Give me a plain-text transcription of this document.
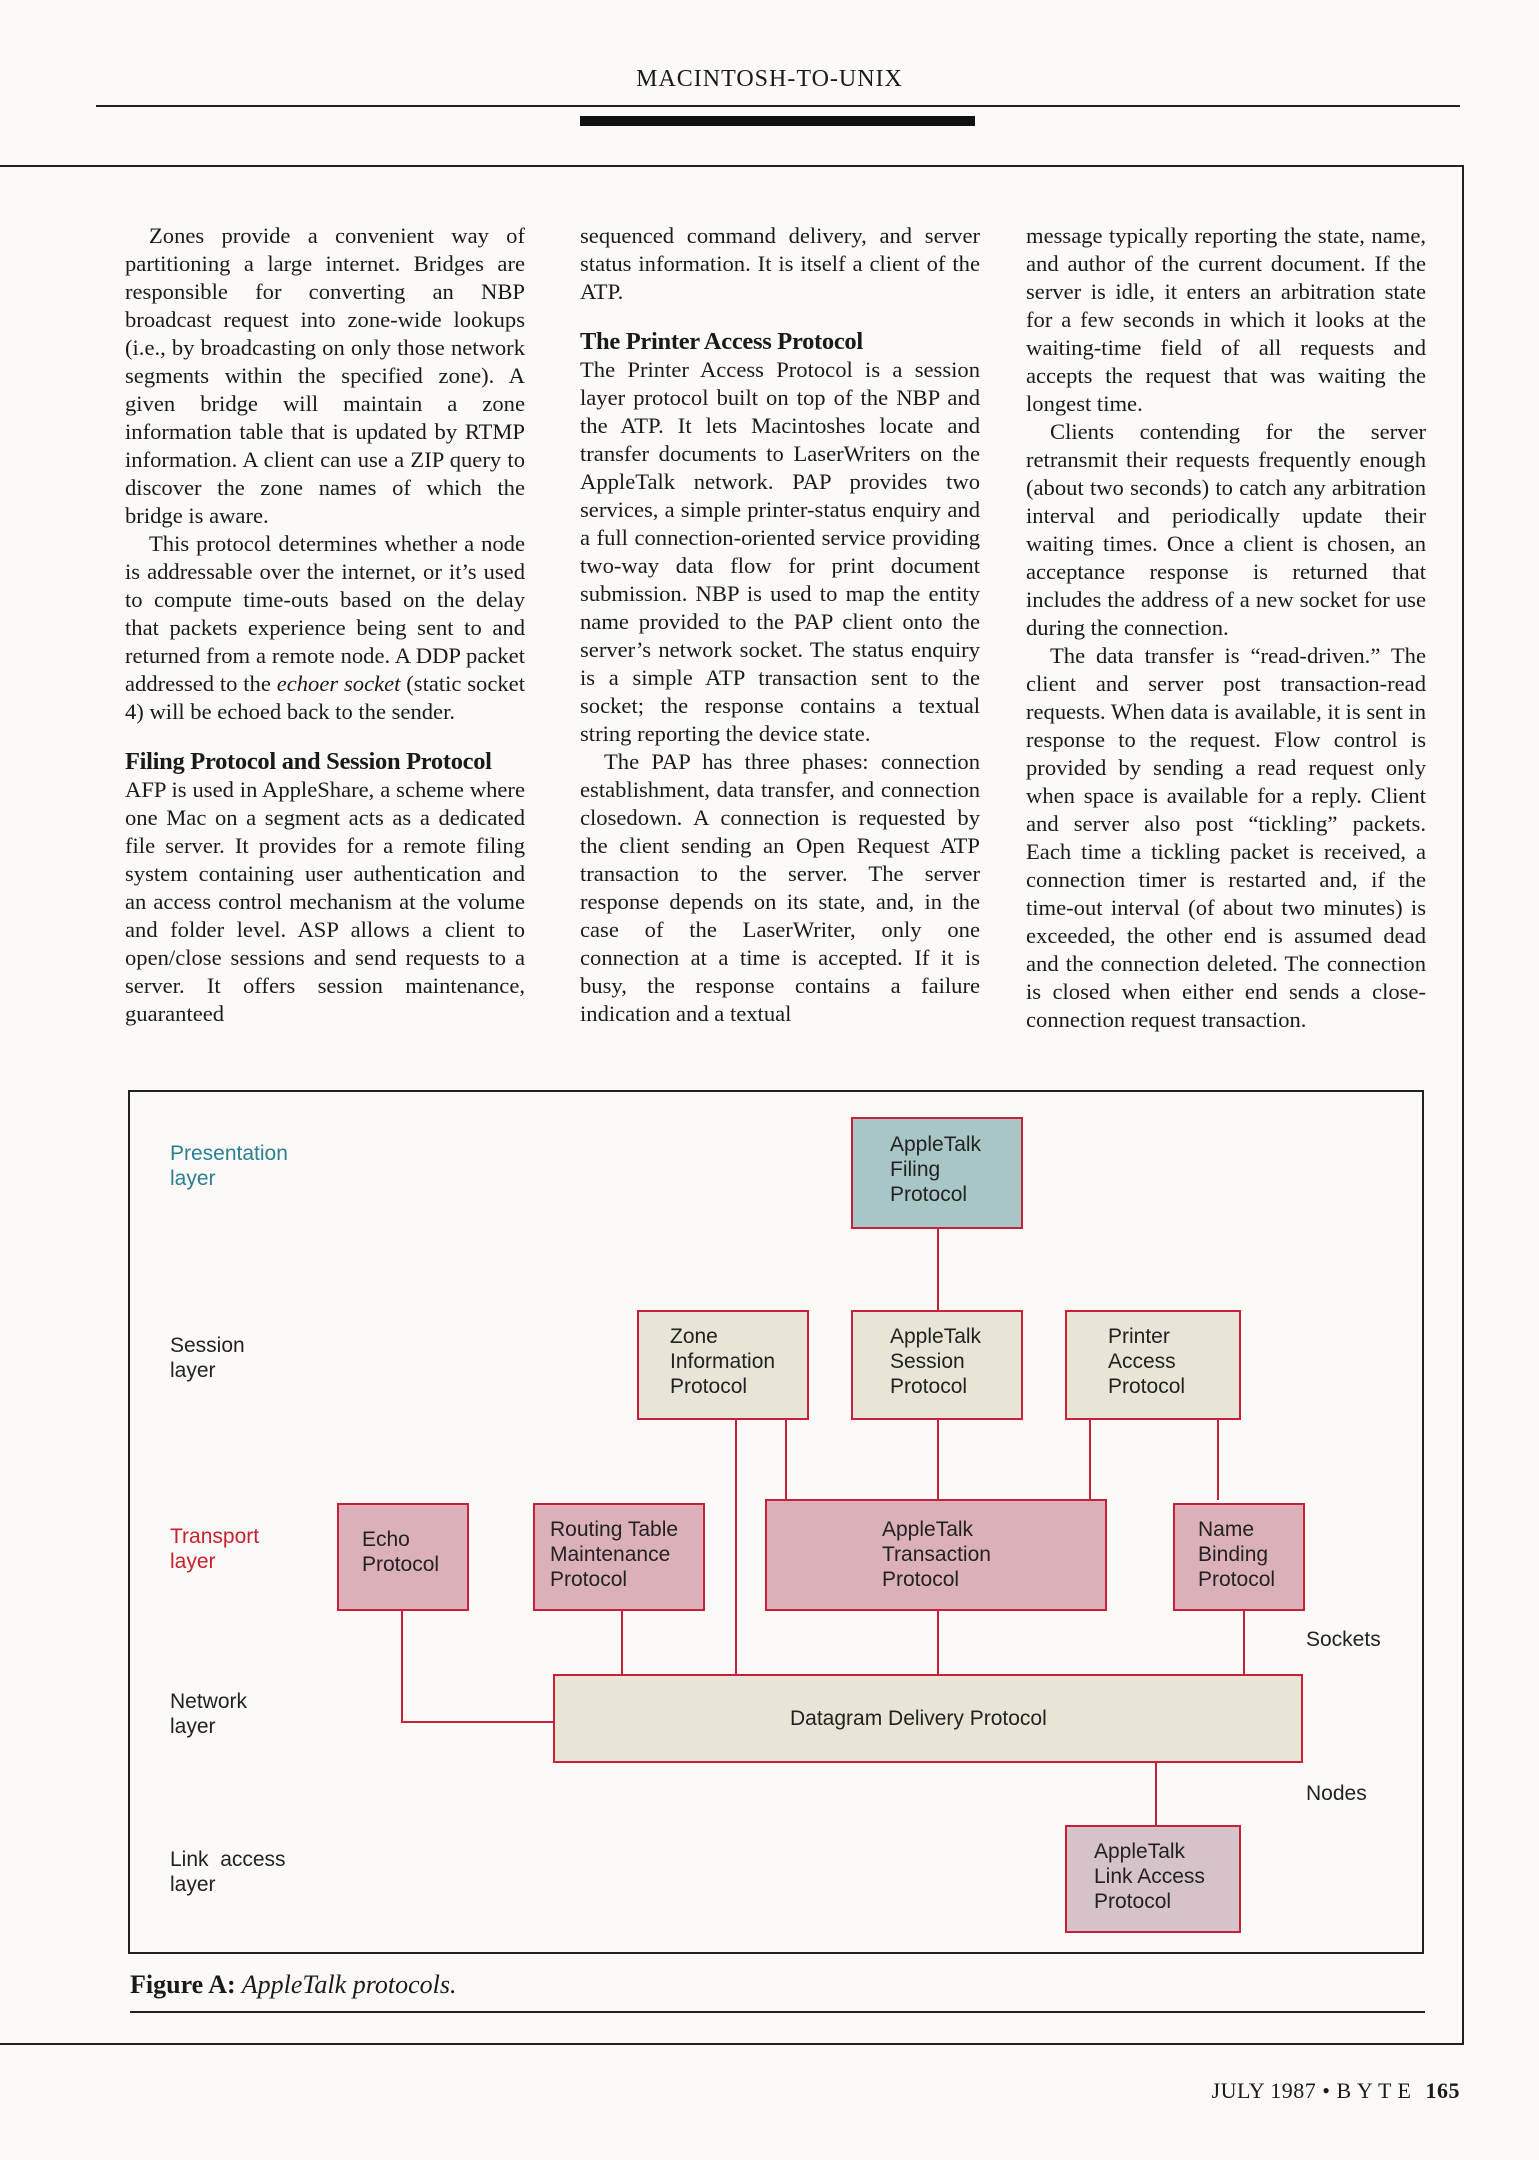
MACINTOSH-TO-UNIX

Zones provide a convenient way of partitioning a large internet. Bridges are responsible for converting an NBP broadcast request into zone-wide lookups (i.e., by broadcasting on only those network segments within the specified zone). A given bridge will maintain a zone information table that is updated by RTMP information. A client can use a ZIP query to discover the zone names of which the bridge is aware.

This protocol determines whether a node is addressable over the internet, or it’s used to compute time-outs based on the delay that packets experience being sent to and returned from a remote node. A DDP packet addressed to the echoer socket (static socket 4) will be echoed back to the sender.

Filing Protocol and Session Protocol

AFP is used in AppleShare, a scheme where one Mac on a segment acts as a dedicated file server. It provides for a remote filing system containing user authentication and an access control mechanism at the volume and folder level. ASP allows a client to open/close sessions and send requests to a server. It offers session maintenance, guaranteed

sequenced command delivery, and server status information. It is itself a client of the ATP.

The Printer Access Protocol

The Printer Access Protocol is a session layer protocol built on top of the NBP and the ATP. It lets Macintoshes locate and transfer documents to LaserWriters on the AppleTalk network. PAP provides two services, a simple printer-status enquiry and a full connection-oriented service providing two-way data flow for print document submission. NBP is used to map the entity name provided to the PAP client onto the server’s network socket. The status enquiry is a simple ATP transaction sent to the socket; the response contains a textual string reporting the device state.

The PAP has three phases: connection establishment, data transfer, and connection closedown. A connection is requested by the client sending an Open Request ATP transaction to the server. The server response depends on its state, and, in the case of the LaserWriter, only one connection at a time is accepted. If it is busy, the response contains a failure indication and a textual

message typically reporting the state, name, and author of the current document. If the server is idle, it enters an arbitration state for a few seconds in which it looks at the waiting-time field of all requests and accepts the request that was waiting the longest time.

Clients contending for the server retransmit their requests frequently enough (about two seconds) to catch any arbitration interval and periodically update their waiting times. Once a client is chosen, an acceptance response is returned that includes the address of a new socket for use during the connection.

The data transfer is “read-driven.” The client and server post transaction-read requests. When data is available, it is sent in response to the request. Flow control is provided by sending a read request only when space is available for a reply. Client and server also post “tickling” packets. Each time a tickling packet is received, a connection timer is restarted and, if the time-out interval (of about two minutes) is exceeded, the other end is assumed dead and the connection deleted. The connection is closed when either end sends a close-connection request transaction.

Presentation layer
Session layer
Transport layer
Network layer
Link  access layer
AppleTalk Filing Protocol
Zone Information Protocol
AppleTalk Session Protocol
Printer Access Protocol
Echo Protocol
Routing Table Maintenance Protocol
AppleTalk Transaction Protocol
Name Binding Protocol
Datagram Delivery Protocol
AppleTalk Link Access Protocol
Sockets
Nodes
Figure A: AppleTalk protocols.
JULY 1987 • B Y T E 165
